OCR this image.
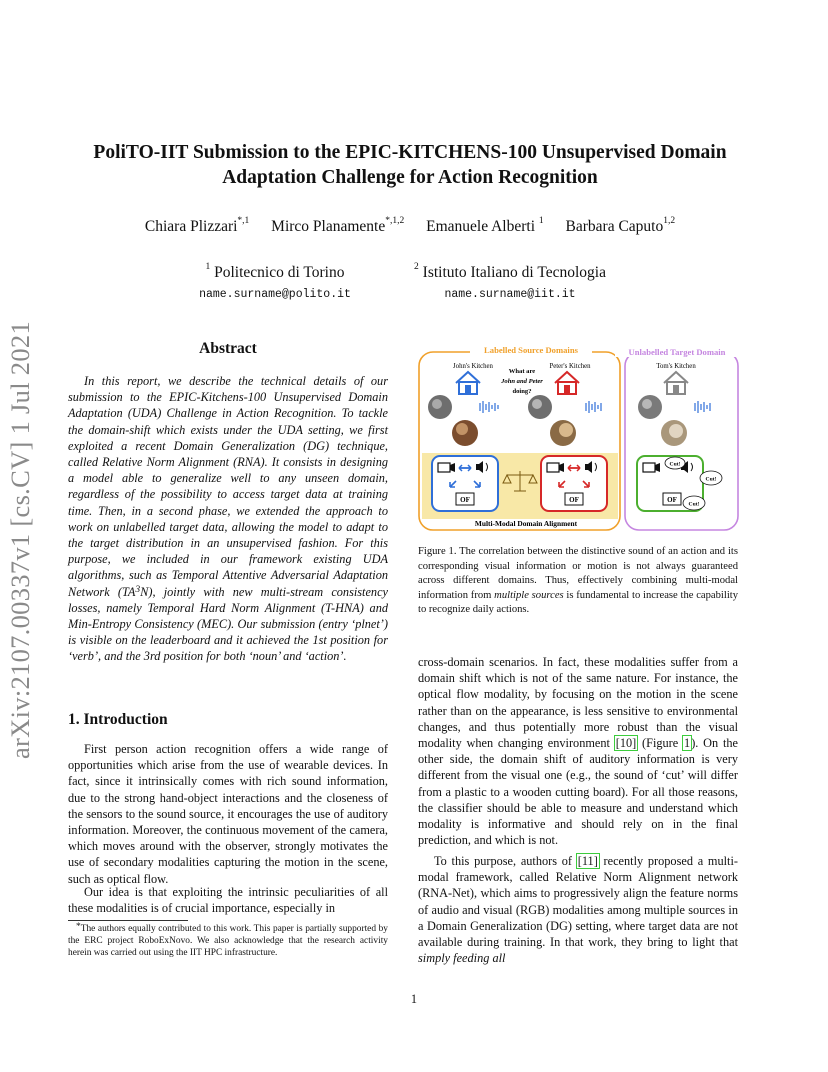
arXiv:2107.00337v1 [cs.CV] 1 Jul 2021
PoliTO-IIT Submission to the EPIC-KITCHENS-100 Unsupervised Domain
Adaptation Challenge for Action Recognition
Chiara Plizzari$^{*,1}$ Mirco Planamente$^{*,1,2}$ Emanuele Alberti $^1$ Barbara Caputo$^{1,2}$
$^1$ Politecnico di Torino
name.surname@polito.it
$^2$ Istituto Italiano di Tecnologia
name.surname@iit.it
Abstract
In this report, we describe the technical details of our submission to the EPIC-Kitchens-100 Unsupervised Domain Adaptation (UDA) Challenge in Action Recognition. To tackle the domain-shift which exists under the UDA setting, we first exploited a recent Domain Generalization (DG) technique, called Relative Norm Alignment (RNA). It consists in designing a model able to generalize well to any unseen domain, regardless of the possibility to access target data at training time. Then, in a second phase, we extended the approach to work on unlabelled target data, allowing the model to adapt to the target distribution in an unsupervised fashion. For this purpose, we included in our framework existing UDA algorithms, such as Temporal Attentive Adversarial Adaptation Network $(TA^3N)$, jointly with new multi-stream consistency losses, namely Temporal Hard Norm Alignment (T-HNA) and Min-Entropy Consistency (MEC). Our submission (entry ‘plnet’) is visible on the leaderboard and it achieved the 1st position for ‘verb’, and the 3rd position for both ‘noun’ and ‘action’.
1. Introduction
First person action recognition offers a wide range of opportunities which arise from the use of wearable devices. In fact, since it intrinsically comes with rich sound information, due to the strong hand-object interactions and the closeness of the sensors to the sound source, it encourages the use of auditory information. Moreover, the continuous movement of the camera, which moves around with the observer, strongly motivates the use of secondary modalities capturing the motion in the scene, such as optical flow.
Our idea is that exploiting the intrinsic peculiarities of all these modalities is of crucial importance, especially in
*The authors equally contributed to this work. This paper is partially supported by the ERC project RoboExNovo. We also acknowledge that the research activity herein was carried out using the IIT HPC infrastructure.
Labelled Source Domains	Unlabelled Target Domain
John's Kitchen	Peter's Kitchen	Tom's Kitchen
What are
John and Peter
doing?
OF	OF	OF
Cut!
Cut!
Cut!
Multi-Modal Domain Alignment
Figure 1. The correlation between the distinctive sound of an action and its corresponding visual information or motion is not always guaranteed across different domains. Thus, effectively combining multi-modal information from multiple sources is fundamental to increase the capability to recognize daily actions.
cross-domain scenarios. In fact, these modalities suffer from a domain shift which is not of the same nature. For instance, the optical flow modality, by focusing on the motion in the scene rather than on the appearance, is less sensitive to environmental changes, and thus potentially more robust than the visual modality when changing environment [10] (Figure 1). On the other side, the domain shift of auditory information is very different from the visual one (e.g., the sound of ‘cut’ will differ from a plastic to a wooden cutting board). For all those reasons, the classifier should be able to measure and understand which modality is informative and should rely on in the final prediction, and which is not.
To this purpose, authors of [11] recently proposed a multi-modal framework, called Relative Norm Alignment network (RNA-Net), which aims to progressively align the feature norms of audio and visual (RGB) modalities among multiple sources in a Domain Generalization (DG) setting, where target data are not available during training. In that work, they bring to light that simply feeding all
1
